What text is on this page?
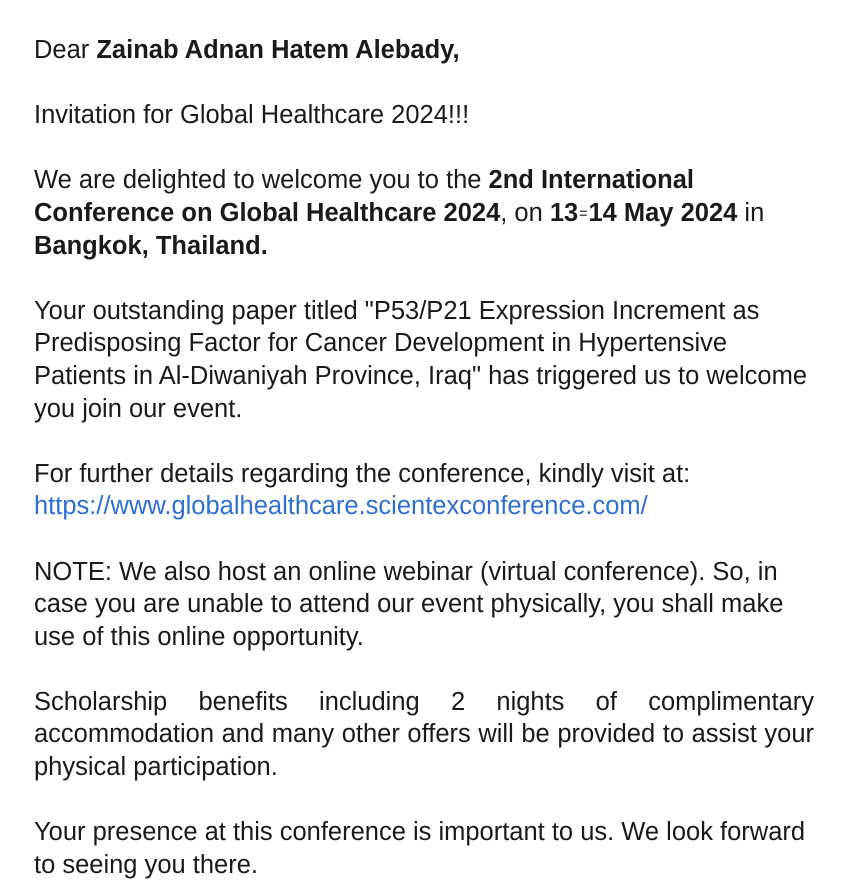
Dear Zainab Adnan Hatem Alebady,

Invitation for Global Healthcare 2024!!!

We are delighted to welcome you to the 2nd International Conference on Global Healthcare 2024, on 13=14 May 2024 in Bangkok, Thailand.

Your outstanding paper titled "P53/P21 Expression Increment as Predisposing Factor for Cancer Development in Hypertensive Patients in Al-Diwaniyah Province, Iraq" has triggered us to welcome you join our event.

For further details regarding the conference, kindly visit at: https://www.globalhealthcare.scientexconference.com/

NOTE: We also host an online webinar (virtual conference). So, in case you are unable to attend our event physically, you shall make use of this online opportunity.

Scholarship benefits including 2 nights of complimentary accommodation and many other offers will be provided to assist your physical participation.

Your presence at this conference is important to us. We look forward to seeing you there.
